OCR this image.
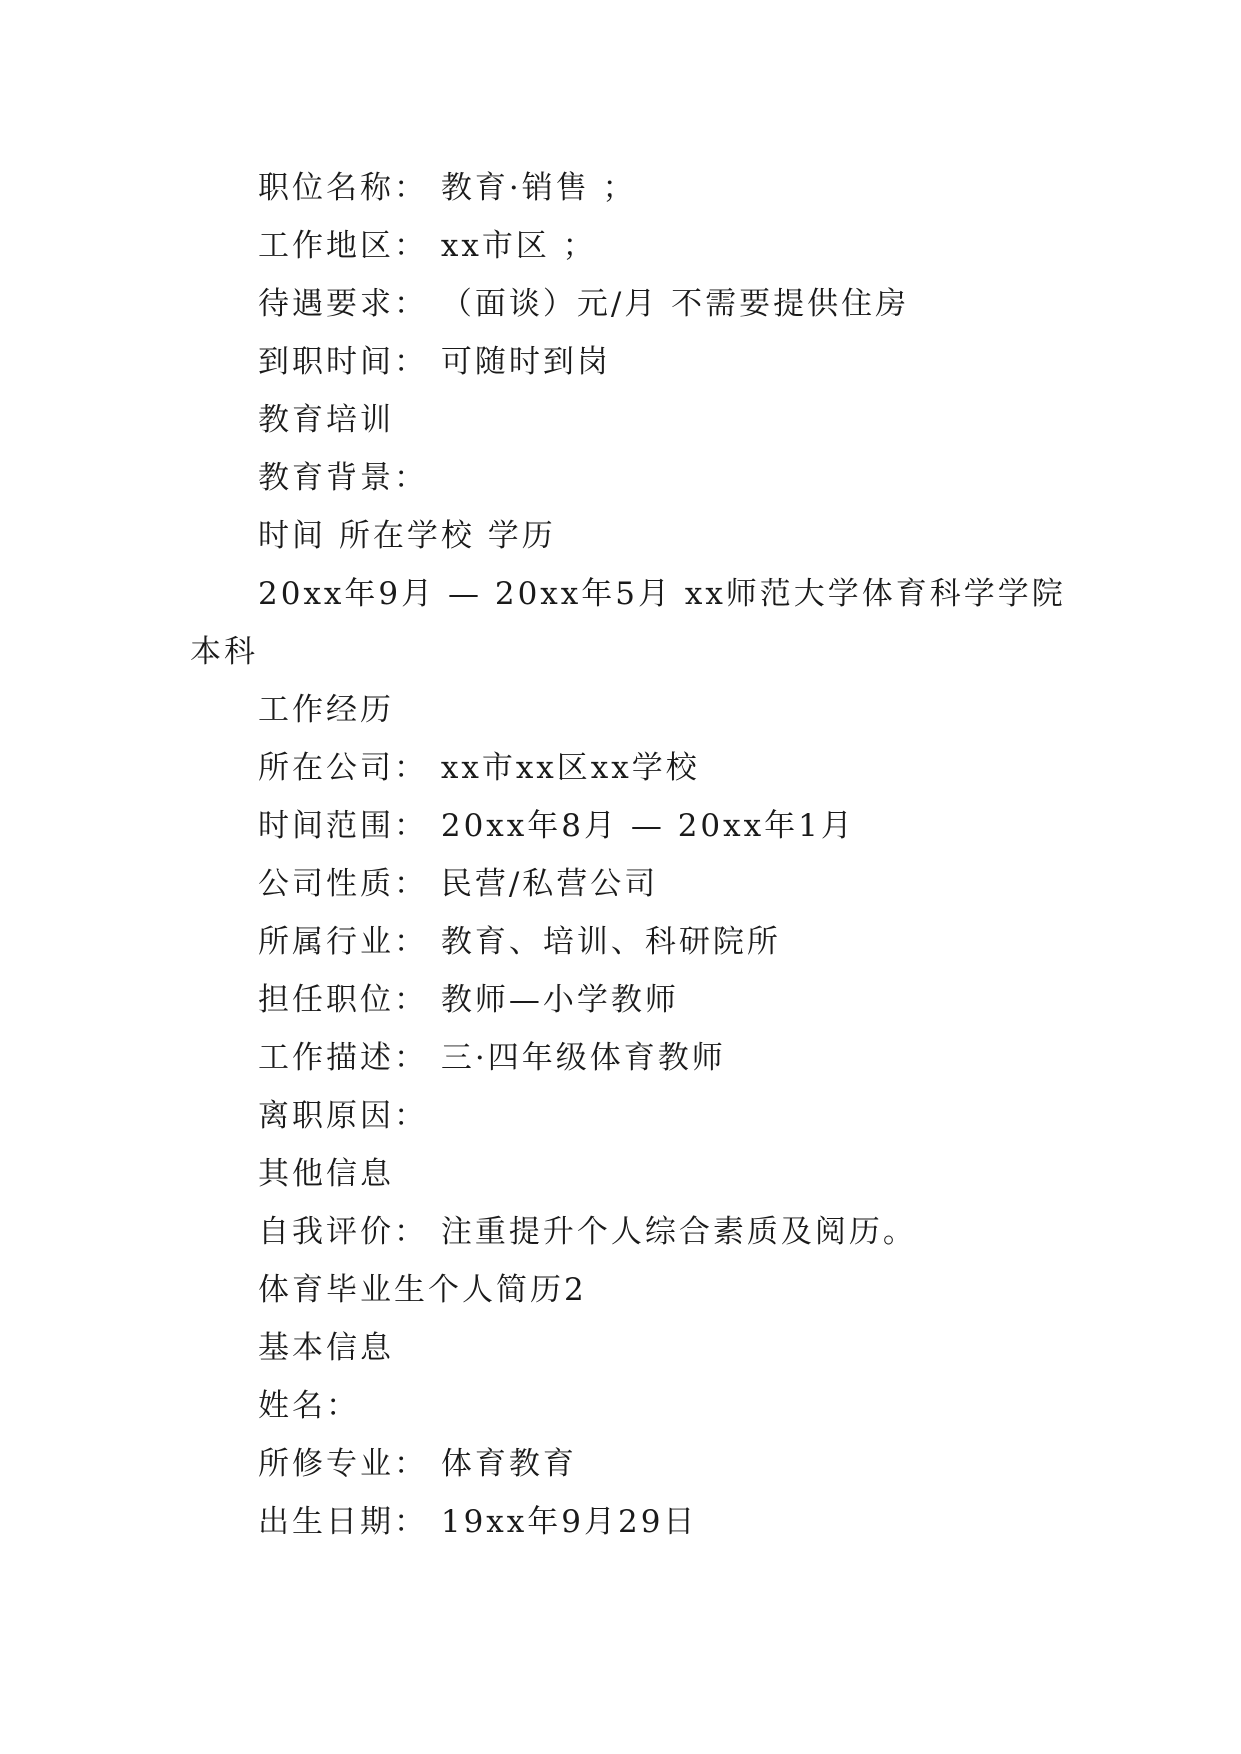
职位名称： 教育·销售 ；
工作地区： xx市区 ；
待遇要求： （面谈）元/月 不需要提供住房
到职时间： 可随时到岗
教育培训
教育背景：
时间 所在学校 学历
20xx年9月 — 20xx年5月 xx师范大学体育科学学院
本科
工作经历
所在公司： xx市xx区xx学校
时间范围： 20xx年8月 — 20xx年1月
公司性质： 民营/私营公司
所属行业： 教育、培训、科研院所
担任职位： 教师—小学教师
工作描述： 三·四年级体育教师
离职原因：
其他信息
自我评价： 注重提升个人综合素质及阅历。
体育毕业生个人简历2
基本信息
姓名：
所修专业： 体育教育
出生日期： 19xx年9月29日
